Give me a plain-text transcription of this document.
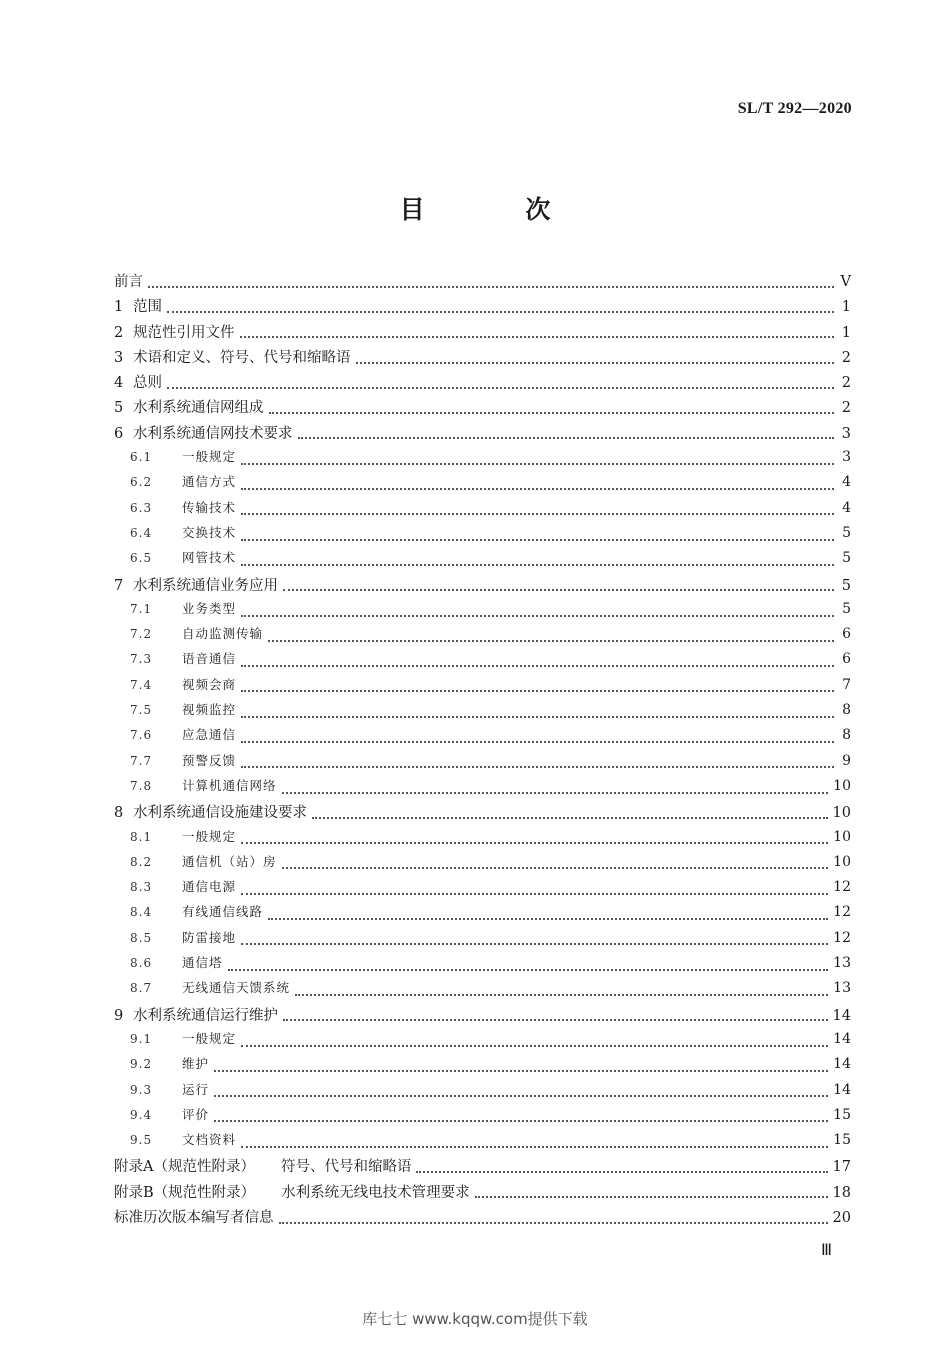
SL/T 292—2020
目 次
前言	V
1 范围	1
2 规范性引用文件	1
3 术语和定义、符号、代号和缩略语	2
4 总则	2
5 水利系统通信网组成	2
6 水利系统通信网技术要求	3
6.1	一般规定	3
6.2	通信方式	4
6.3	传输技术	4
6.4	交换技术	5
6.5	网管技术	5
7 水利系统通信业务应用	5
7.1	业务类型	5
7.2	自动监测传输	6
7.3	语音通信	6
7.4	视频会商	7
7.5	视频监控	8
7.6	应急通信	8
7.7	预警反馈	9
7.8	计算机通信网络	10
8 水利系统通信设施建设要求	10
8.1	一般规定	10
8.2	通信机（站）房	10
8.3	通信电源	12
8.4	有线通信线路	12
8.5	防雷接地	12
8.6	通信塔	13
8.7	无线通信天馈系统	13
9 水利系统通信运行维护	14
9.1	一般规定	14
9.2	维护	14
9.3	运行	14
9.4	评价	15
9.5	文档资料	15
附录A（规范性附录） 符号、代号和缩略语	17
附录B（规范性附录） 水利系统无线电技术管理要求	18
标准历次版本编写者信息	20
Ⅲ
库七七 www.kqqw.com提供下载
